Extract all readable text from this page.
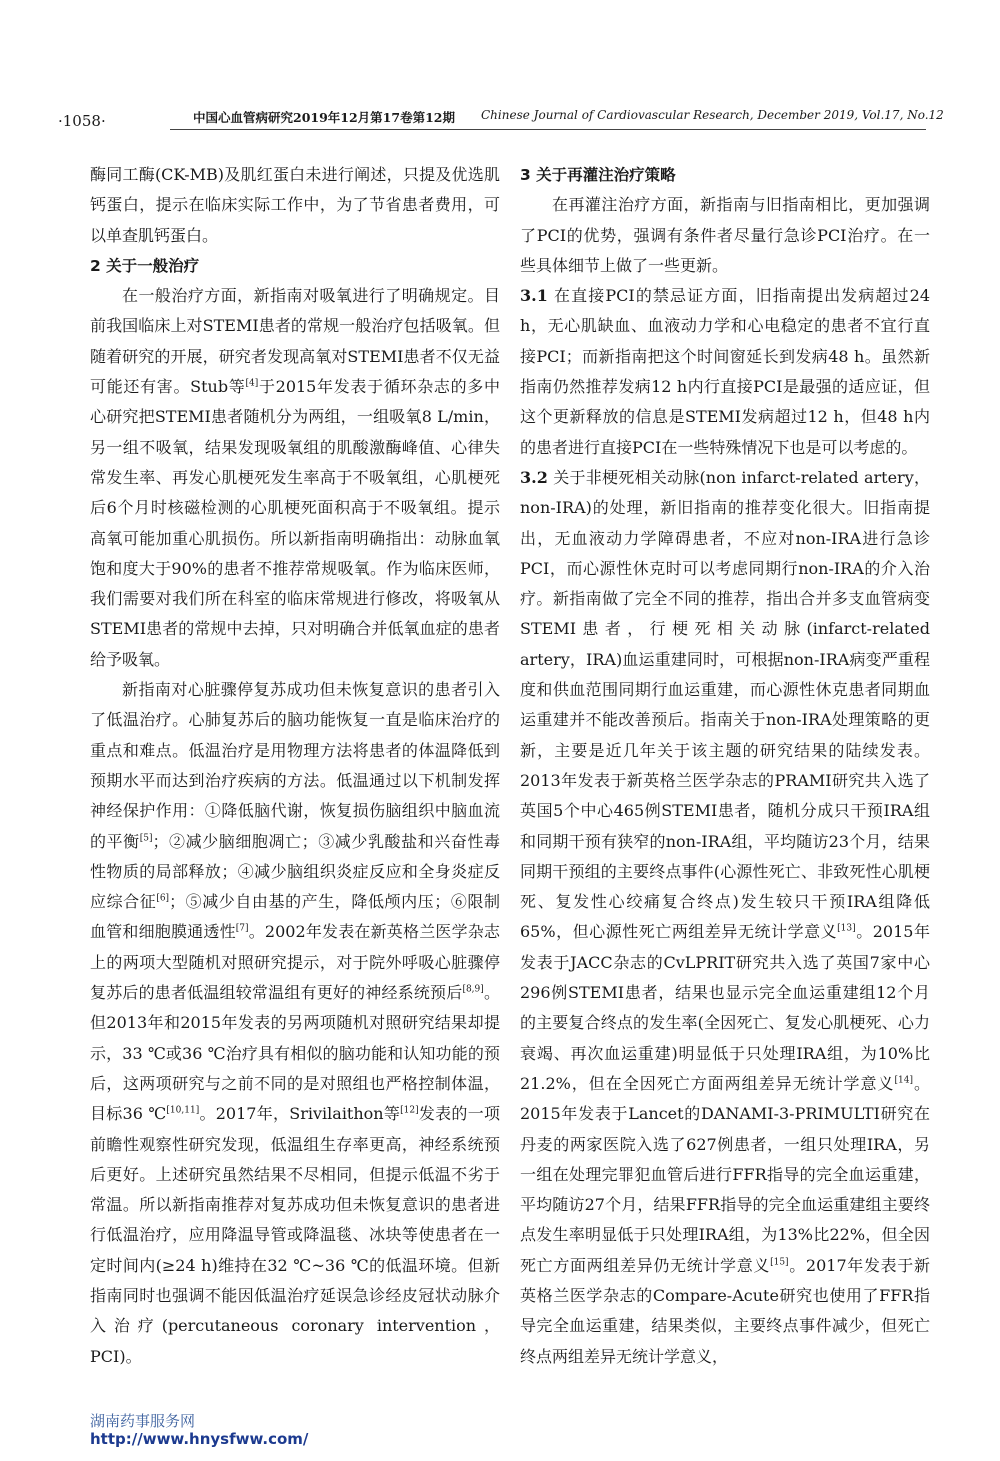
·1058·	中国心血管病研究2019年12月第17卷第12期 Chinese Journal of Cardiovascular Research, December 2019, Vol.17, No.12

酶同工酶(CK-MB)及肌红蛋白未进行阐述，只提及优选肌钙蛋白，提示在临床实际工作中，为了节省患者费用，可以单查肌钙蛋白。

2 关于一般治疗

在一般治疗方面，新指南对吸氧进行了明确规定。目前我国临床上对STEMI患者的常规一般治疗包括吸氧。但随着研究的开展，研究者发现高氧对STEMI患者不仅无益可能还有害。Stub等[4]于2015年发表于循环杂志的多中心研究把STEMI患者随机分为两组，一组吸氧8 L/min，另一组不吸氧，结果发现吸氧组的肌酸激酶峰值、心律失常发生率、再发心肌梗死发生率高于不吸氧组，心肌梗死后6个月时核磁检测的心肌梗死面积高于不吸氧组。提示高氧可能加重心肌损伤。所以新指南明确指出：动脉血氧饱和度大于90%的患者不推荐常规吸氧。作为临床医师，我们需要对我们所在科室的临床常规进行修改，将吸氧从STEMI患者的常规中去掉，只对明确合并低氧血症的患者给予吸氧。

新指南对心脏骤停复苏成功但未恢复意识的患者引入了低温治疗。心肺复苏后的脑功能恢复一直是临床治疗的重点和难点。低温治疗是用物理方法将患者的体温降低到预期水平而达到治疗疾病的方法。低温通过以下机制发挥神经保护作用：①降低脑代谢，恢复损伤脑组织中脑血流的平衡[5]；②减少脑细胞凋亡；③减少乳酸盐和兴奋性毒性物质的局部释放；④减少脑组织炎症反应和全身炎症反应综合征[6]；⑤减少自由基的产生，降低颅内压；⑥限制血管和细胞膜通透性[7]。2002年发表在新英格兰医学杂志上的两项大型随机对照研究提示，对于院外呼吸心脏骤停复苏后的患者低温组较常温组有更好的神经系统预后[8,9]。但2013年和2015年发表的另两项随机对照研究结果却提示，33 ℃或36 ℃治疗具有相似的脑功能和认知功能的预后，这两项研究与之前不同的是对照组也严格控制体温，目标36 ℃[10,11]。2017年，Srivilaithon等[12]发表的一项前瞻性观察性研究发现，低温组生存率更高，神经系统预后更好。上述研究虽然结果不尽相同，但提示低温不劣于常温。所以新指南推荐对复苏成功但未恢复意识的患者进行低温治疗，应用降温导管或降温毯、冰块等使患者在一定时间内(≥24 h)维持在32 ℃~36 ℃的低温环境。但新指南同时也强调不能因低温治疗延误急诊经皮冠状动脉介入治疗(percutaneous coronary intervention，PCI)。

3 关于再灌注治疗策略

在再灌注治疗方面，新指南与旧指南相比，更加强调了PCI的优势，强调有条件者尽量行急诊PCI治疗。在一些具体细节上做了一些更新。

3.1 在直接PCI的禁忌证方面，旧指南提出发病超过24 h，无心肌缺血、血液动力学和心电稳定的患者不宜行直接PCI；而新指南把这个时间窗延长到发病48 h。虽然新指南仍然推荐发病12 h内行直接PCI是最强的适应证，但这个更新释放的信息是STEMI发病超过12 h，但48 h内的患者进行直接PCI在一些特殊情况下也是可以考虑的。

3.2 关于非梗死相关动脉(non infarct-related artery，non-IRA)的处理，新旧指南的推荐变化很大。旧指南提出，无血液动力学障碍患者，不应对non-IRA进行急诊PCI，而心源性休克时可以考虑同期行non-IRA的介入治疗。新指南做了完全不同的推荐，指出合并多支血管病变STEMI患者，行梗死相关动脉(infarct-related artery，IRA)血运重建同时，可根据non-IRA病变严重程度和供血范围同期行血运重建，而心源性休克患者同期血运重建并不能改善预后。指南关于non-IRA处理策略的更新，主要是近几年关于该主题的研究结果的陆续发表。2013年发表于新英格兰医学杂志的PRAMI研究共入选了英国5个中心465例STEMI患者，随机分成只干预IRA组和同期干预有狭窄的non-IRA组，平均随访23个月，结果同期干预组的主要终点事件(心源性死亡、非致死性心肌梗死、复发性心绞痛复合终点)发生较只干预IRA组降低65%，但心源性死亡两组差异无统计学意义[13]。2015年发表于JACC杂志的CvLPRIT研究共入选了英国7家中心296例STEMI患者，结果也显示完全血运重建组12个月的主要复合终点的发生率(全因死亡、复发心肌梗死、心力衰竭、再次血运重建)明显低于只处理IRA组，为10%比21.2%，但在全因死亡方面两组差异无统计学意义[14]。2015年发表于Lancet的DANAMI-3-PRIMULTI研究在丹麦的两家医院入选了627例患者，一组只处理IRA，另一组在处理完罪犯血管后进行FFR指导的完全血运重建，平均随访27个月，结果FFR指导的完全血运重建组主要终点发生率明显低于只处理IRA组，为13%比22%，但全因死亡方面两组差异仍无统计学意义[15]。2017年发表于新英格兰医学杂志的Compare-Acute研究也使用了FFR指导完全血运重建，结果类似，主要终点事件减少，但死亡终点两组差异无统计学意义，

湖南药事服务网
http://www.hnysfww.com/
